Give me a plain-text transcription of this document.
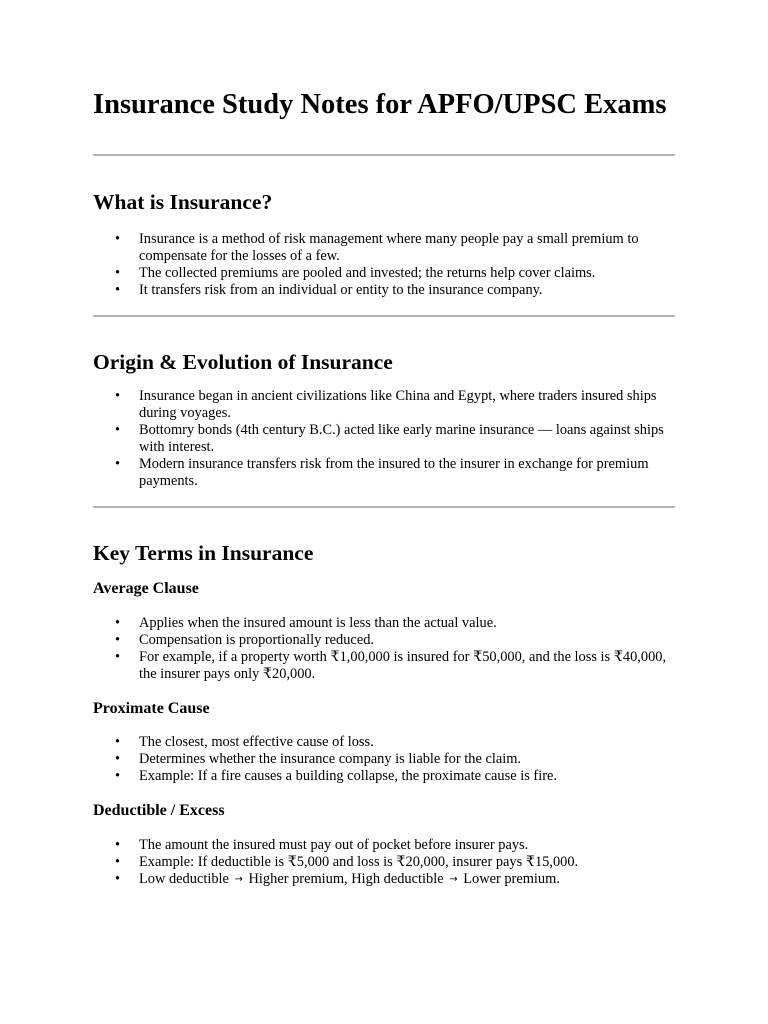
Insurance Study Notes for APFO/UPSC Exams
What is Insurance?
• Insurance is a method of risk management where many people pay a small premium to compensate for the losses of a few.
• The collected premiums are pooled and invested; the returns help cover claims.
• It transfers risk from an individual or entity to the insurance company.
Origin & Evolution of Insurance
• Insurance began in ancient civilizations like China and Egypt, where traders insured ships during voyages.
• Bottomry bonds (4th century B.C.) acted like early marine insurance — loans against ships with interest.
• Modern insurance transfers risk from the insured to the insurer in exchange for premium payments.
Key Terms in Insurance
Average Clause
• Applies when the insured amount is less than the actual value.
• Compensation is proportionally reduced.
• For example, if a property worth ₹1,00,000 is insured for ₹50,000, and the loss is ₹40,000, the insurer pays only ₹20,000.
Proximate Cause
• The closest, most effective cause of loss.
• Determines whether the insurance company is liable for the claim.
• Example: If a fire causes a building collapse, the proximate cause is fire.
Deductible / Excess
• The amount the insured must pay out of pocket before insurer pays.
• Example: If deductible is ₹5,000 and loss is ₹20,000, insurer pays ₹15,000.
• Low deductible → Higher premium, High deductible → Lower premium.
